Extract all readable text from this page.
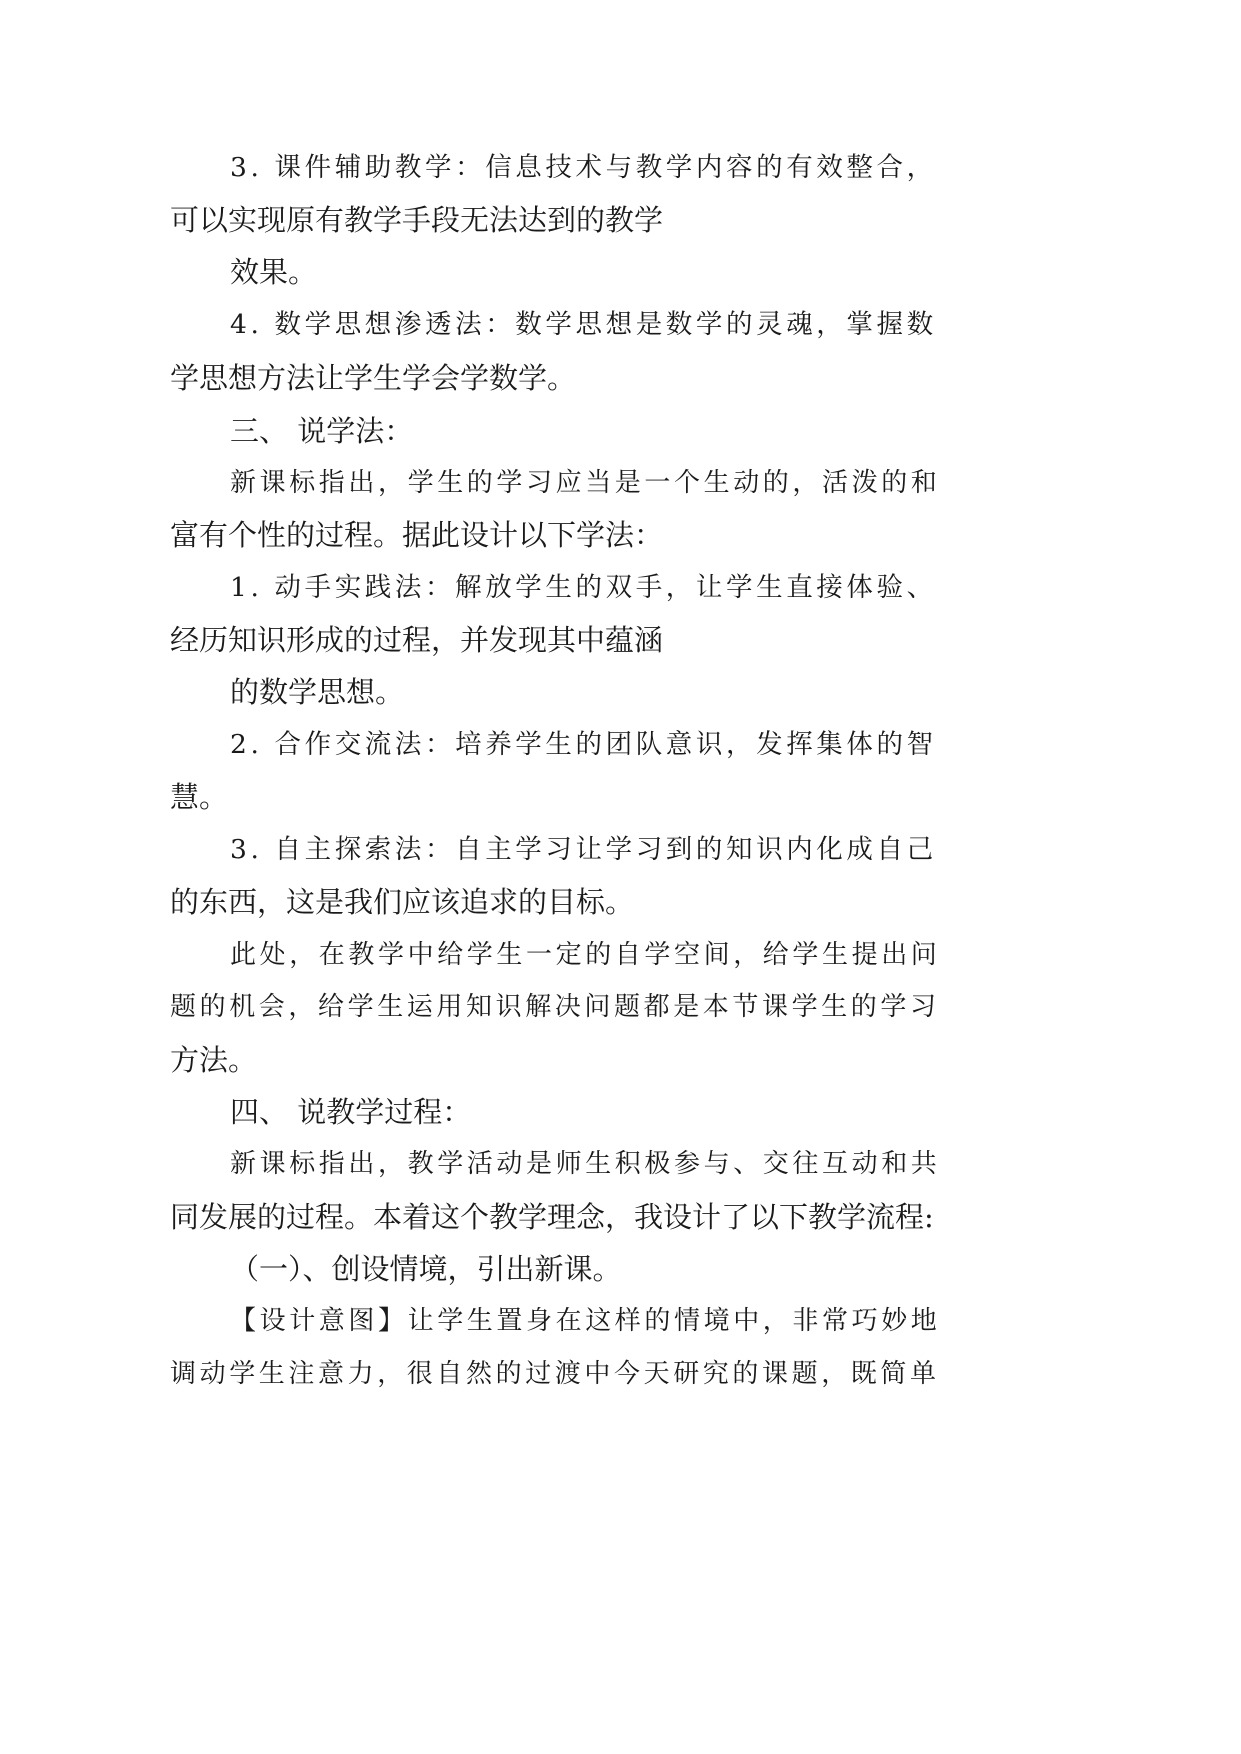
3. 课件辅助教学：信息技术与教学内容的有效整合，
可以实现原有教学手段无法达到的教学
效果。
4. 数学思想渗透法：数学思想是数学的灵魂，掌握数
学思想方法让学生学会学数学。
三、 说学法：
新课标指出，学生的学习应当是一个生动的，活泼的和
富有个性的过程。据此设计以下学法：
1. 动手实践法：解放学生的双手，让学生直接体验、
经历知识形成的过程，并发现其中蕴涵
的数学思想。
2. 合作交流法：培养学生的团队意识，发挥集体的智
慧。
3. 自主探索法：自主学习让学习到的知识内化成自己
的东西，这是我们应该追求的目标。
此处，在教学中给学生一定的自学空间，给学生提出问
题的机会，给学生运用知识解决问题都是本节课学生的学习
方法。
四、 说教学过程：
新课标指出，教学活动是师生积极参与、交往互动和共
同发展的过程。本着这个教学理念，我设计了以下教学流程:
（一）、创设情境，引出新课。
【设计意图】让学生置身在这样的情境中，非常巧妙地
调动学生注意力，很自然的过渡中今天研究的课题，既简单
